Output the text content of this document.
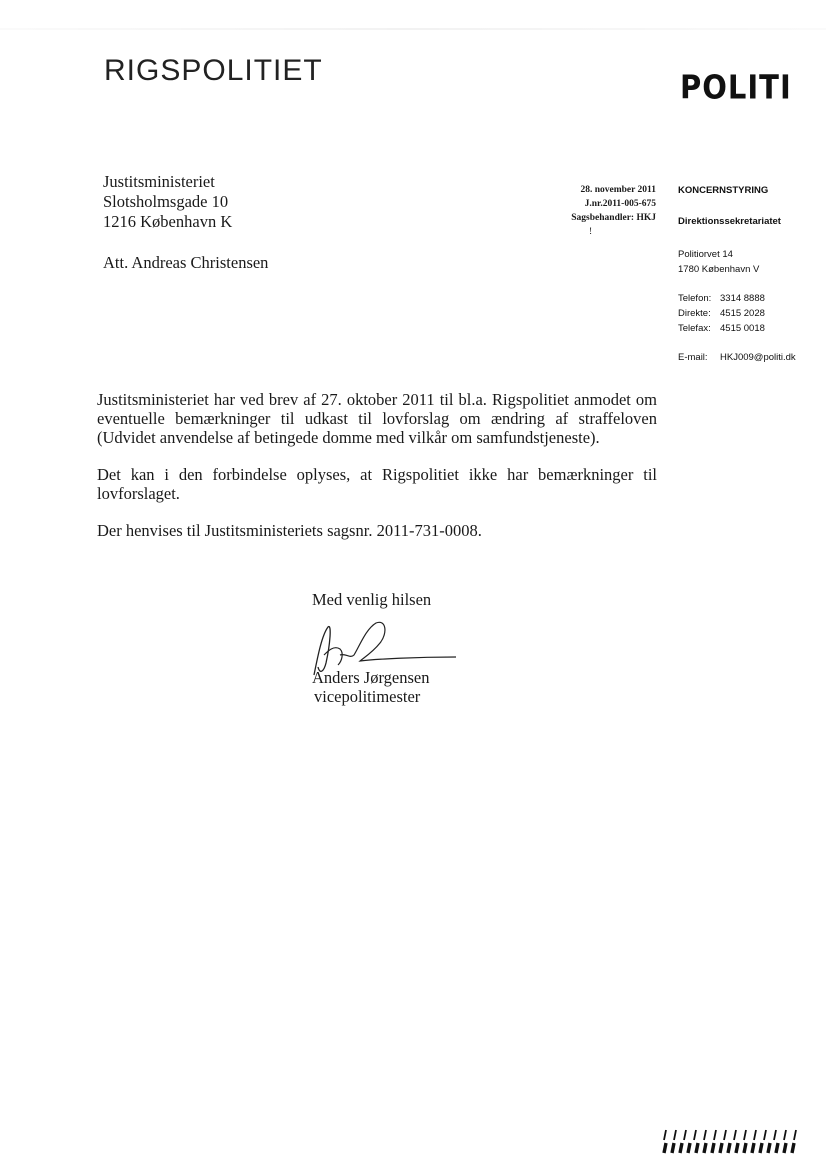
RIGSPOLITIET	POLITI
Justitsministeriet
Slotsholmsgade 10
1216 København K
Att. Andreas Christensen
28. november 2011
J.nr.2011-005-675
Sagsbehandler: HKJ
!
KONCERNSTYRING
Direktionssekretariatet
Politiorvet 14
1780 København V
Telefon: 3314 8888
Direkte: 4515 2028
Telefax: 4515 0018
E-mail:	HKJ009@politi.dk

Justitsministeriet har ved brev af 27. oktober 2011 til bl.a. Rigspolitiet anmodet om eventuelle bemærkninger til udkast til lovforslag om ændring af straffeloven (Udvidet anvendelse af betingede domme med vilkår om samfundstjeneste).

Det kan i den forbindelse oplyses, at Rigspolitiet ikke har bemærkninger til lovforslaget.

Der henvises til Justitsministeriets sagsnr. 2011-731-0008.

Med venlig hilsen
Anders Jørgensen
vicepolitimester
